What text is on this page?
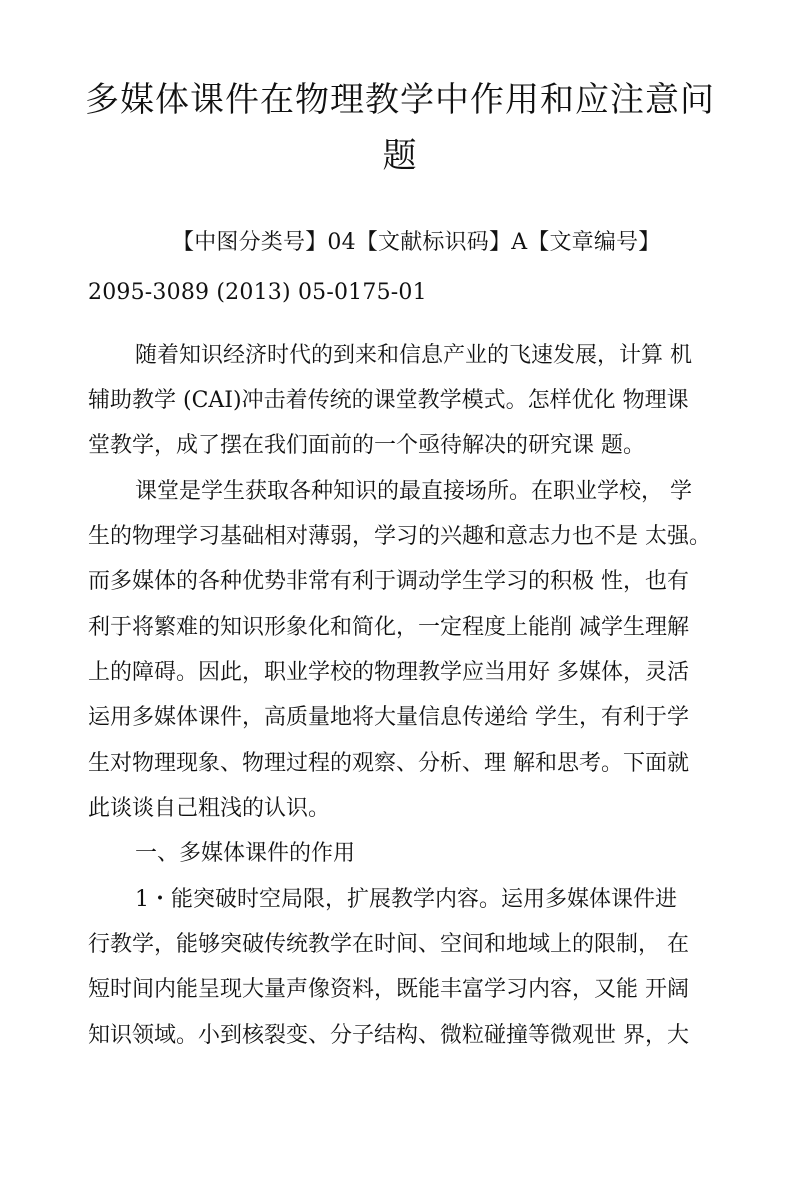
多媒体课件在物理教学中作用和应注意问
题
【中图分类号】04【文献标识码】A【文章编号】
2095-3089 (2013) 05-0175-01
随着知识经济时代的到来和信息产业的飞速发展，计算 机
辅助教学 (CAI)冲击着传统的课堂教学模式。怎样优化 物理课
堂教学，成了摆在我们面前的一个亟待解决的研究课 题。
课堂是学生获取各种知识的最直接场所。在职业学校， 学
生的物理学习基础相对薄弱，学习的兴趣和意志力也不是 太强。
而多媒体的各种优势非常有利于调动学生学习的积极 性，也有
利于将繁难的知识形象化和简化，一定程度上能削 减学生理解
上的障碍。因此，职业学校的物理教学应当用好 多媒体，灵活
运用多媒体课件，高质量地将大量信息传递给 学生，有利于学
生对物理现象、物理过程的观察、分析、理 解和思考。下面就
此谈谈自己粗浅的认识。
一、多媒体课件的作用
1・能突破时空局限，扩展教学内容。运用多媒体课件进
行教学，能够突破传统教学在时间、空间和地域上的限制， 在
短时间内能呈现大量声像资料，既能丰富学习内容，又能 开阔
知识领域。小到核裂变、分子结构、微粒碰撞等微观世 界，大
